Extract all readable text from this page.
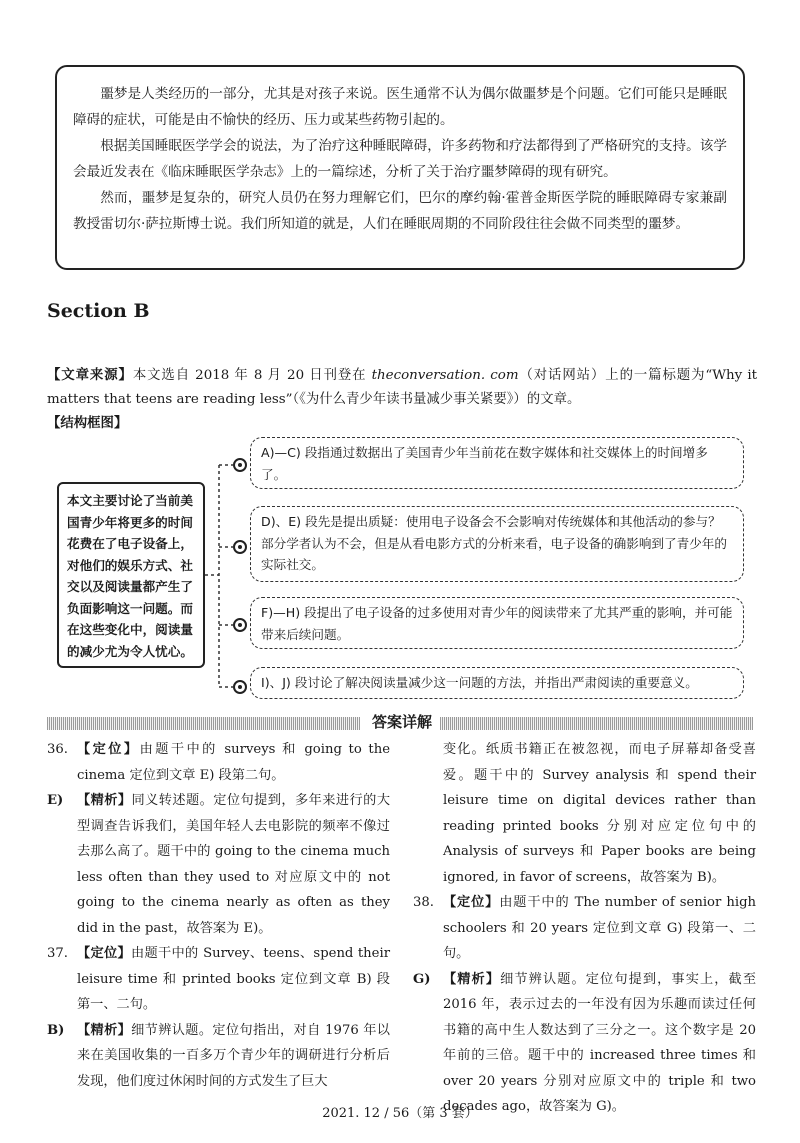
噩梦是人类经历的一部分，尤其是对孩子来说。医生通常不认为偶尔做噩梦是个问题。它们可能只是睡眠障碍的症状，可能是由不愉快的经历、压力或某些药物引起的。

根据美国睡眠医学学会的说法，为了治疗这种睡眠障碍，许多药物和疗法都得到了严格研究的支持。该学会最近发表在《临床睡眠医学杂志》上的一篇综述，分析了关于治疗噩梦障碍的现有研究。

然而，噩梦是复杂的，研究人员仍在努力理解它们，巴尔的摩约翰·霍普金斯医学院的睡眠障碍专家兼副教授雷切尔·萨拉斯博士说。我们所知道的就是，人们在睡眠周期的不同阶段往往会做不同类型的噩梦。

Section B
【文章来源】本文选自 2018 年 8 月 20 日刊登在 theconversation. com（对话网站）上的一篇标题为“Why it matters that teens are reading less”（《为什么青少年读书量减少事关紧要》）的文章。
【结构框图】
本文主要讨论了当前美国青少年将更多的时间花费在了电子设备上，对他们的娱乐方式、社交以及阅读量都产生了负面影响这一问题。而在这些变化中，阅读量的减少尤为令人忧心。
A)—C) 段指通过数据出了美国青少年当前花在数字媒体和社交媒体上的时间增多了。
D)、E) 段先是提出质疑：使用电子设备会不会影响对传统媒体和其他活动的参与？部分学者认为不会，但是从看电影方式的分析来看，电子设备的确影响到了青少年的实际社交。
F)—H) 段提出了电子设备的过多使用对青少年的阅读带来了尤其严重的影响，并可能带来后续问题。
I)、J) 段讨论了解决阅读量减少这一问题的方法，并指出严肃阅读的重要意义。
答案详解

36. 【定位】由题干中的 surveys 和 going to the cinema 定位到文章 E) 段第二句。

E) 【精析】同义转述题。定位句提到，多年来进行的大型调查告诉我们，美国年轻人去电影院的频率不像过去那么高了。题干中的 going to the cinema much less often than they used to 对应原文中的 not going to the cinema nearly as often as they did in the past，故答案为 E)。

37. 【定位】由题干中的 Survey、teens、spend their leisure time 和 printed books 定位到文章 B) 段第一、二句。

B) 【精析】细节辨认题。定位句指出，对自 1976 年以来在美国收集的一百多万个青少年的调研进行分析后发现，他们度过休闲时间的方式发生了巨大

变化。纸质书籍正在被忽视，而电子屏幕却备受喜爱。题干中的 Survey analysis 和 spend their leisure time on digital devices rather than reading printed books 分别对应定位句中的 Analysis of surveys 和 Paper books are being ignored, in favor of screens，故答案为 B)。

38. 【定位】由题干中的 The number of senior high schoolers 和 20 years 定位到文章 G) 段第一、二句。

G) 【精析】细节辨认题。定位句提到，事实上，截至 2016 年，表示过去的一年没有因为乐趣而读过任何书籍的高中生人数达到了三分之一。这个数字是 20 年前的三倍。题干中的 increased three times 和 over 20 years 分别对应原文中的 triple 和 two decades ago，故答案为 G)。

2021. 12 / 56（第 3 套）
